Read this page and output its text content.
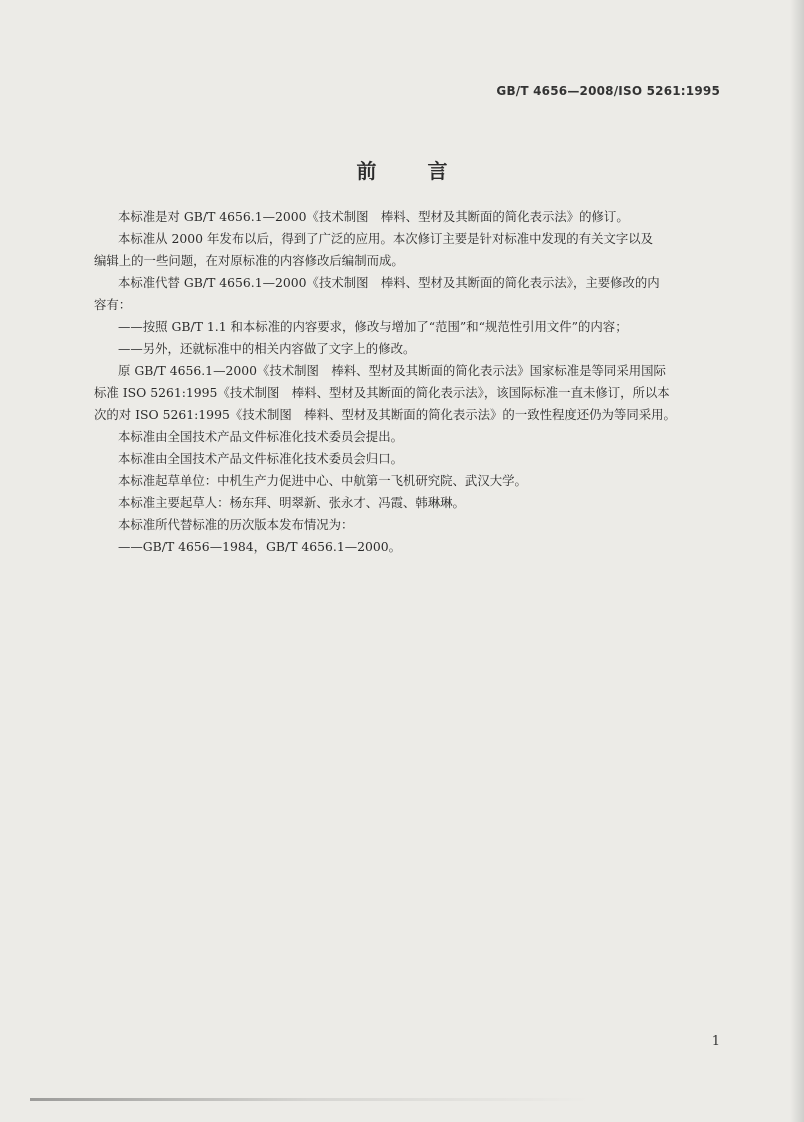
GB/T 4656—2008/ISO 5261:1995
前 言

本标准是对 GB/T 4656.1—2000《技术制图　棒料、型材及其断面的简化表示法》的修订。

本标准从 2000 年发布以后，得到了广泛的应用。本次修订主要是针对标准中发现的有关文字以及

编辑上的一些问题，在对原标准的内容修改后编制而成。

本标准代替 GB/T 4656.1—2000《技术制图　棒料、型材及其断面的简化表示法》，主要修改的内

容有：

——按照 GB/T 1.1 和本标准的内容要求，修改与增加了“范围”和“规范性引用文件”的内容；

——另外，还就标准中的相关内容做了文字上的修改。

原 GB/T 4656.1—2000《技术制图　棒料、型材及其断面的简化表示法》国家标准是等同采用国际

标准 ISO 5261:1995《技术制图　棒料、型材及其断面的简化表示法》，该国际标准一直未修订，所以本

次的对 ISO 5261:1995《技术制图　棒料、型材及其断面的简化表示法》的一致性程度还仍为等同采用。

本标准由全国技术产品文件标准化技术委员会提出。

本标准由全国技术产品文件标准化技术委员会归口。

本标准起草单位：中机生产力促进中心、中航第一飞机研究院、武汉大学。

本标准主要起草人：杨东拜、明翠新、张永才、冯霞、韩琳琳。

本标准所代替标准的历次版本发布情况为：

——GB/T 4656—1984，GB/T 4656.1—2000。

1
